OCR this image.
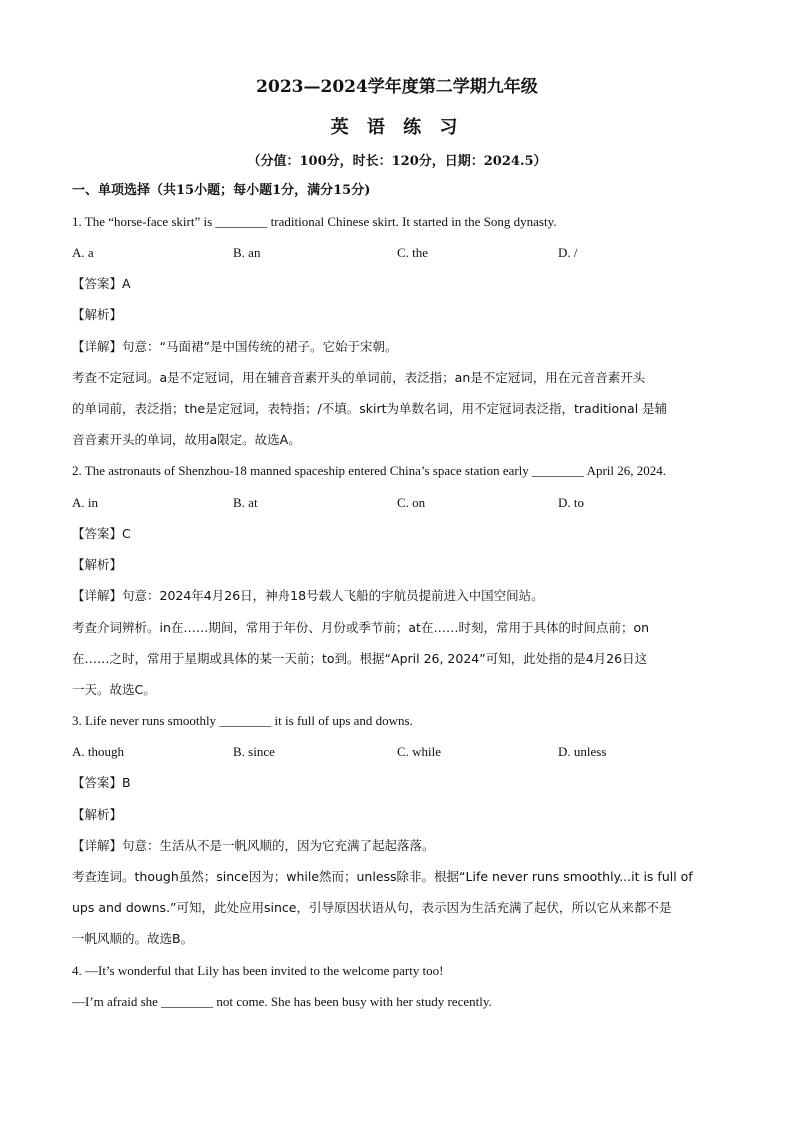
2023—2024学年度第二学期九年级
英 语 练 习
（分值：100分，时长：120分，日期：2024.5）
一、单项选择（共15小题；每小题1分，满分15分)
1. The “horse-face skirt” is ________ traditional Chinese skirt. It started in the Song dynasty.
A. a	B. an	C. the	D. /
【答案】A
【解析】
【详解】句意：“马面裙”是中国传统的裙子。它始于宋朝。
考查不定冠词。a是不定冠词，用在辅音音素开头的单词前，表泛指；an是不定冠词，用在元音音素开头
的单词前，表泛指；the是定冠词，表特指；/不填。skirt为单数名词，用不定冠词表泛指，traditional 是辅
音音素开头的单词，故用a限定。故选A。
2. The astronauts of Shenzhou-18 manned spaceship entered China’s space station early ________ April 26, 2024.
A. in	B. at	C. on	D. to
【答案】C
【解析】
【详解】句意：2024年4月26日，神舟18号载人飞船的宇航员提前进入中国空间站。
考查介词辨析。in在……期间，常用于年份、月份或季节前；at在……时刻，常用于具体的时间点前；on
在……之时，常用于星期或具体的某一天前；to到。根据“April 26, 2024”可知，此处指的是4月26日这
一天。故选C。
3. Life never runs smoothly ________ it is full of ups and downs.
A. though	B. since	C. while	D. unless
【答案】B
【解析】
【详解】句意：生活从不是一帆风顺的，因为它充满了起起落落。
考查连词。though虽然；since因为；while然而；unless除非。根据“Life never runs smoothly...it is full of
ups and downs.”可知，此处应用since，引导原因状语从句，表示因为生活充满了起伏，所以它从来都不是
一帆风顺的。故选B。
4. —It’s wonderful that Lily has been invited to the welcome party too!
—I’m afraid she ________ not come. She has been busy with her study recently.
